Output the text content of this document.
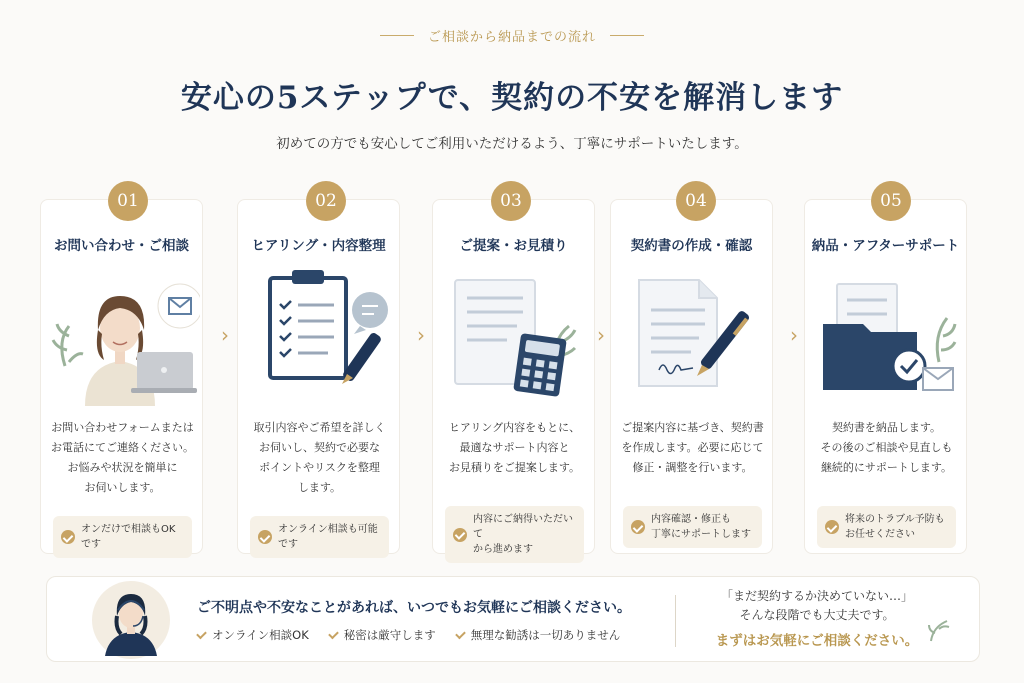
ご相談から納品までの流れ
安心の5ステップで、契約の不安を解消します
初めての方でも安心してご利用いただけるよう、丁寧にサポートいたします。
お問い合わせ・ご相談
お問い合わせフォームまたは
お電話にてご連絡ください。
お悩みや状況を簡単に
お伺いします。
オンだけで相談もOKです
01
›
ヒアリング・内容整理
取引内容やご希望を詳しく
お伺いし、契約で必要な
ポイントやリスクを整理
します。
オンライン相談も可能です
02
›
ご提案・お見積り
ヒアリング内容をもとに、
最適なサポート内容と
お見積りをご提案します。
内容にご納得いただいて
から進めます
03
›
契約書の作成・確認
ご提案内容に基づき、契約書
を作成します。必要に応じて
修正・調整を行います。
内容確認・修正も
丁寧にサポートします
04
›
納品・アフターサポート
契約書を納品します。
その後のご相談や見直しも
継続的にサポートします。
将来のトラブル予防も
お任せください
05
ご不明点や不安なことがあれば、いつでもお気軽にご相談ください。
オンライン相談OK	秘密は厳守します	無理な勧誘は一切ありません
「まだ契約するか決めていない…」
そんな段階でも大丈夫です。
まずはお気軽にご相談ください。
